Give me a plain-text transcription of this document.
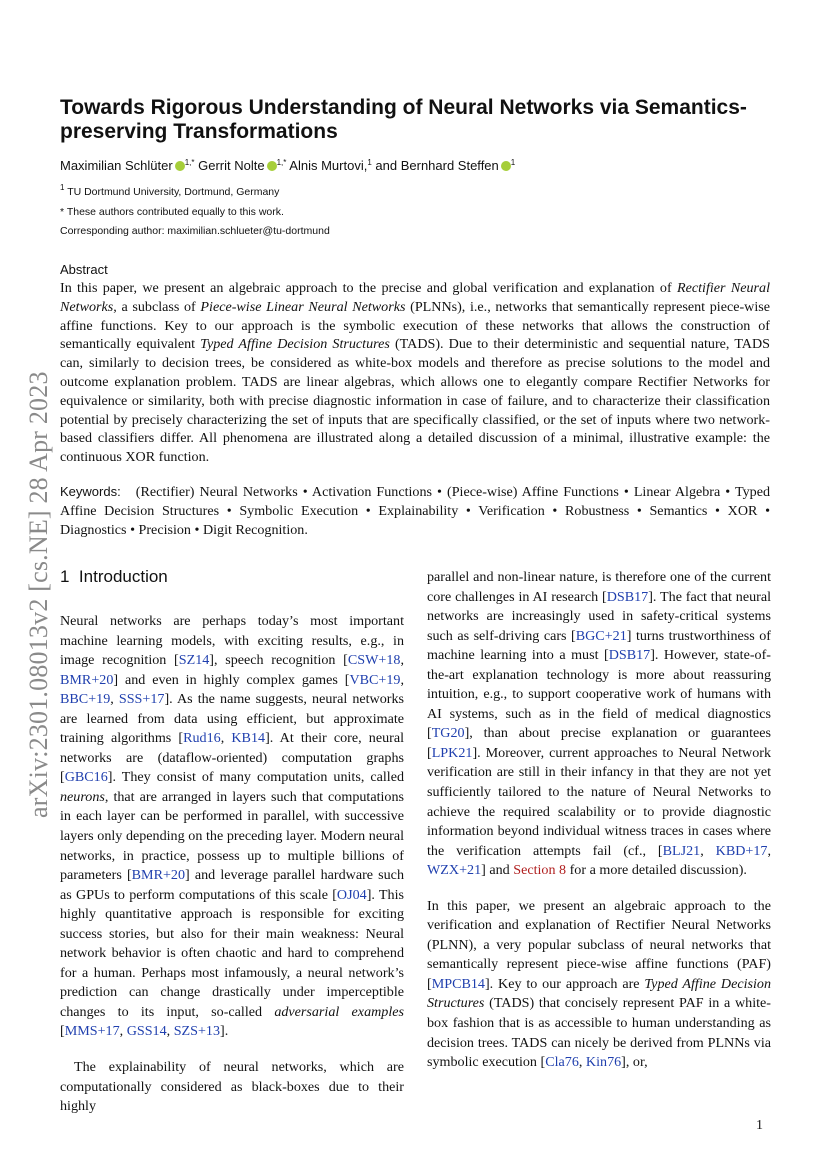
arXiv:2301.08013v2 [cs.NE] 28 Apr 2023
Towards Rigorous Understanding of Neural Networks via Semantics-preserving Transformations
Maximilian Schlüter $^{1,*}$ Gerrit Nolte $^{1,*}$ Alnis Murtovi,$^1$ and Bernhard Steffen $^1$
$^1$ TU Dortmund University, Dortmund, Germany
* These authors contributed equally to this work.
Corresponding author: maximilian.schlueter@tu-dortmund
Abstract

In this paper, we present an algebraic approach to the precise and global verification and explanation of Rectifier Neural Networks, a subclass of Piece-wise Linear Neural Networks (PLNNs), i.e., networks that semantically represent piece-wise affine functions. Key to our approach is the symbolic execution of these networks that allows the construction of semantically equivalent Typed Affine Decision Structures (TADS). Due to their deterministic and sequential nature, TADS can, similarly to decision trees, be considered as white-box models and therefore as precise solutions to the model and outcome explanation problem. TADS are linear algebras, which allows one to elegantly compare Rectifier Networks for equivalence or similarity, both with precise diagnostic information in case of failure, and to characterize their classification potential by precisely characterizing the set of inputs that are specifically classified, or the set of inputs where two network-based classifiers differ. All phenomena are illustrated along a detailed discussion of a minimal, illustrative example: the continuous XOR function.

Keywords: (Rectifier) Neural Networks • Activation Functions • (Piece-wise) Affine Functions • Linear Algebra • Typed Affine Decision Structures • Symbolic Execution • Explainability • Verification • Robustness • Semantics • XOR • Diagnostics • Precision • Digit Recognition.

1 Introduction

Neural networks are perhaps today’s most important machine learning models, with exciting results, e.g., in image recognition [SZ14], speech recognition [CSW+18, BMR+20] and even in highly complex games [VBC+19, BBC+19, SSS+17]. As the name suggests, neural networks are learned from data using efficient, but approximate training algorithms [Rud16, KB14]. At their core, neural networks are (dataflow-oriented) computation graphs [GBC16]. They consist of many computation units, called neurons, that are arranged in layers such that computations in each layer can be performed in parallel, with successive layers only depending on the preceding layer. Modern neural networks, in practice, possess up to multiple billions of parameters [BMR+20] and leverage parallel hardware such as GPUs to perform computations of this scale [OJ04]. This highly quantitative approach is responsible for exciting success stories, but also for their main weakness: Neural network behavior is often chaotic and hard to comprehend for a human. Perhaps most infamously, a neural network’s prediction can change drastically under imperceptible changes to its input, so-called adversarial examples [MMS+17, GSS14, SZS+13].

The explainability of neural networks, which are computationally considered as black-boxes due to their highly

parallel and non-linear nature, is therefore one of the current core challenges in AI research [DSB17]. The fact that neural networks are increasingly used in safety-critical systems such as self-driving cars [BGC+21] turns trustworthiness of machine learning into a must [DSB17]. However, state-of-the-art explanation technology is more about reassuring intuition, e.g., to support cooperative work of humans with AI systems, such as in the field of medical diagnostics [TG20], than about precise explanation or guarantees [LPK21]. Moreover, current approaches to Neural Network verification are still in their infancy in that they are not yet sufficiently tailored to the nature of Neural Networks to achieve the required scalability or to provide diagnostic information beyond individual witness traces in cases where the verification attempts fail (cf., [BLJ21, KBD+17, WZX+21] and Section 8 for a more detailed discussion).

In this paper, we present an algebraic approach to the verification and explanation of Rectifier Neural Networks (PLNN), a very popular subclass of neural networks that semantically represent piece-wise affine functions (PAF) [MPCB14]. Key to our approach are Typed Affine Decision Structures (TADS) that concisely represent PAF in a white-box fashion that is as accessible to human understanding as decision trees. TADS can nicely be derived from PLNNs via symbolic execution [Cla76, Kin76], or,

1
